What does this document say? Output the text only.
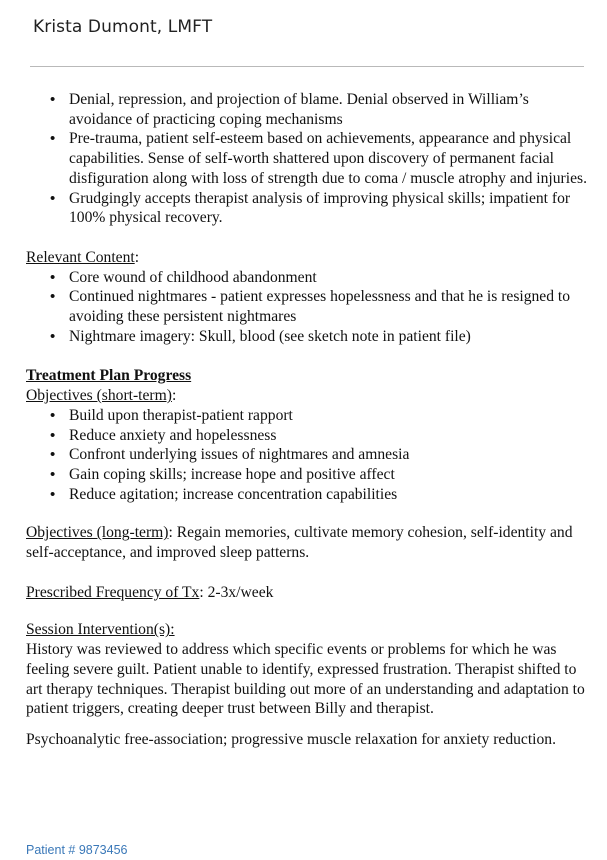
Krista Dumont, LMFT
• Denial, repression, and projection of blame. Denial observed in William’s avoidance of practicing coping mechanisms
• Pre-trauma, patient self-esteem based on achievements, appearance and physical capabilities. Sense of self-worth shattered upon discovery of permanent facial disfiguration along with loss of strength due to coma / muscle atrophy and injuries.
• Grudgingly accepts therapist analysis of improving physical skills; impatient for 100% physical recovery.

Relevant Content:

• Core wound of childhood abandonment
• Continued nightmares - patient expresses hopelessness and that he is resigned to avoiding these persistent nightmares
• Nightmare imagery: Skull, blood (see sketch note in patient file)

Treatment Plan Progress

Objectives (short-term):

• Build upon therapist-patient rapport
• Reduce anxiety and hopelessness
• Confront underlying issues of nightmares and amnesia
• Gain coping skills; increase hope and positive affect
• Reduce agitation; increase concentration capabilities

Objectives (long-term): Regain memories, cultivate memory cohesion, self-identity and self-acceptance, and improved sleep patterns.

Prescribed Frequency of Tx: 2-3x/week

Session Intervention(s):

History was reviewed to address which specific events or problems for which he was feeling severe guilt. Patient unable to identify, expressed frustration. Therapist shifted to art therapy techniques. Therapist building out more of an understanding and adaptation to patient triggers, creating deeper trust between Billy and therapist.

Psychoanalytic free-association; progressive muscle relaxation for anxiety reduction.

Patient # 9873456
